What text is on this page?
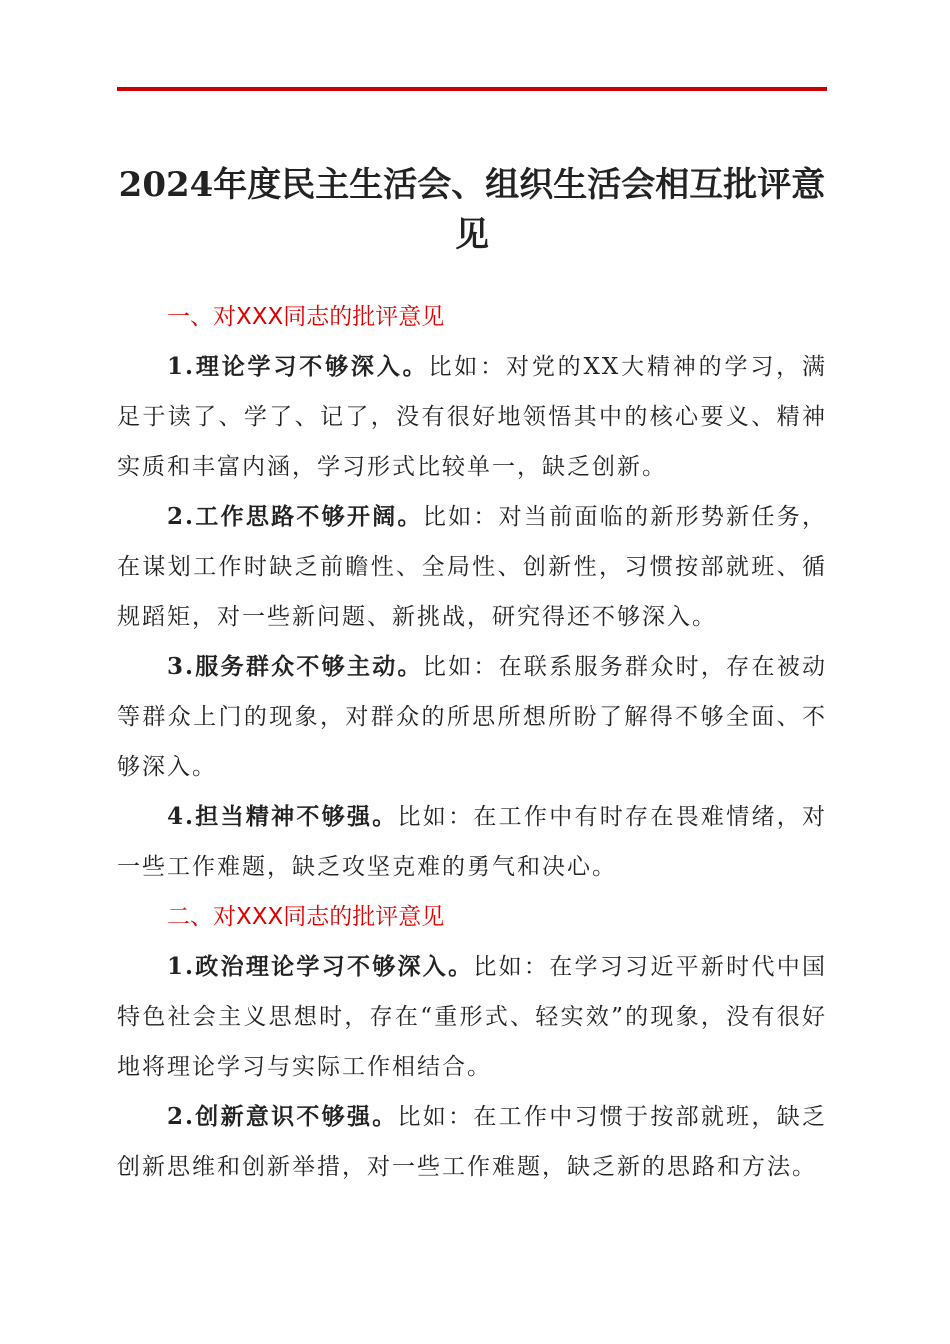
2024年度民主生活会、组织生活会相互批评意见
一、对XXX同志的批评意见

1.理论学习不够深入。比如：对党的XX大精神的学习，满足于读了、学了、记了，没有很好地领悟其中的核心要义、精神实质和丰富内涵，学习形式比较单一，缺乏创新。

2.工作思路不够开阔。比如：对当前面临的新形势新任务，在谋划工作时缺乏前瞻性、全局性、创新性，习惯按部就班、循规蹈矩，对一些新问题、新挑战，研究得还不够深入。

3.服务群众不够主动。比如：在联系服务群众时，存在被动等群众上门的现象，对群众的所思所想所盼了解得不够全面、不够深入。

4.担当精神不够强。比如：在工作中有时存在畏难情绪，对一些工作难题，缺乏攻坚克难的勇气和决心。

二、对XXX同志的批评意见

1.政治理论学习不够深入。比如：在学习习近平新时代中国特色社会主义思想时，存在“重形式、轻实效”的现象，没有很好地将理论学习与实际工作相结合。

2.创新意识不够强。比如：在工作中习惯于按部就班，缺乏创新思维和创新举措，对一些工作难题，缺乏新的思路和方法。
